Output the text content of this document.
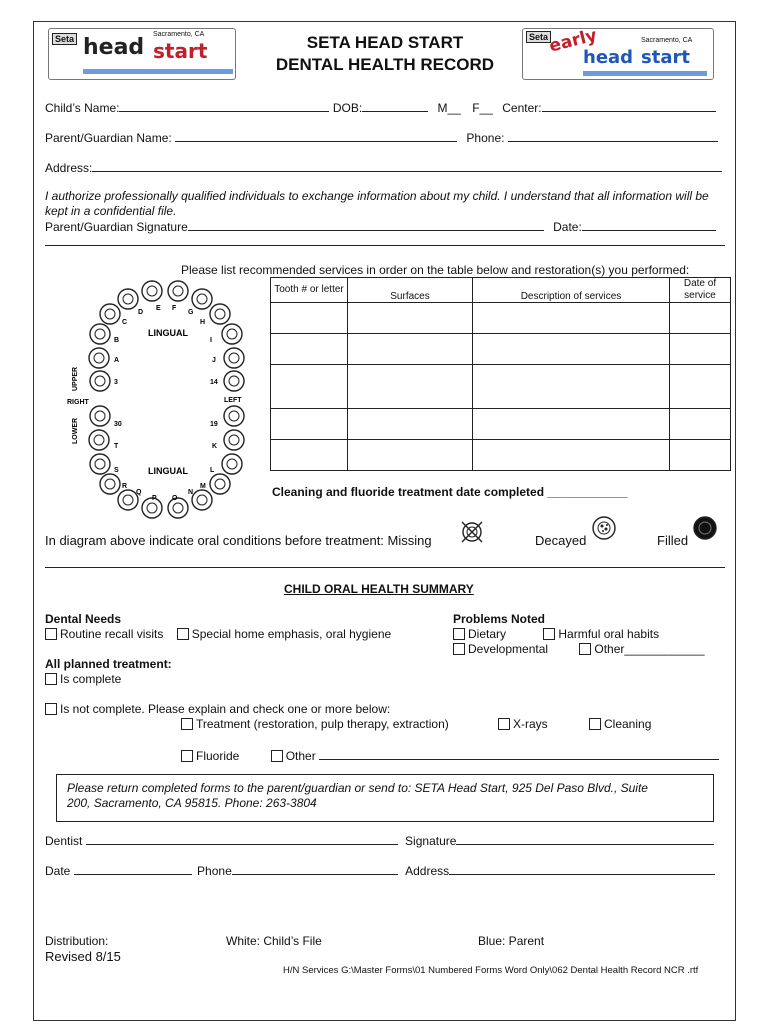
Seta	Sacramento, CA
head start
Seta	Sacramento, CA
early
head start
SETA HEAD START
DENTAL HEALTH RECORD
Child’s Name:	DOB:	M__ F__ Center:
Parent/Guardian Name:	Phone:
Address:
I authorize professionally qualified individuals to exchange information about my child. I understand that all information will be kept in a confidential file.
Parent/Guardian Signature	Date:
Please list recommended services in order on the table below and restoration(s) you performed:
C
B
A
3
30
T
S
R
H
I
J
14
19
K
L
M
D
E F
G
Q
P O
N
LINGUAL
LINGUAL
RIGHT	LEFT
UPPER
LOWER
Tooth # or letter	Surfaces	Description of services	Date of service

Cleaning and fluoride treatment date completed ____________
In diagram above indicate oral conditions before treatment: Missing	Decayed	Filled
CHILD ORAL HEALTH SUMMARY
Dental Needs
Routine recall visits Special home emphasis, oral hygiene
Problems Noted
Dietary	Harmful oral habits
Developmental	Other____________
All planned treatment:
Is complete
Is not complete. Please explain and check one or more below:
Treatment (restoration, pulp therapy, extraction)	X-rays	Cleaning
Fluoride	Other
Please return completed forms to the parent/guardian or send to: SETA Head Start, 925 Del Paso Blvd., Suite
200, Sacramento, CA 95815. Phone: 263-3804
Dentist	Signature
Date	Phone	Address
Distribution:	White: Child’s File	Blue: Parent
Revised 8/15
H/N Services G:\Master Forms\01 Numbered Forms Word Only\062 Dental Health Record NCR .rtf
